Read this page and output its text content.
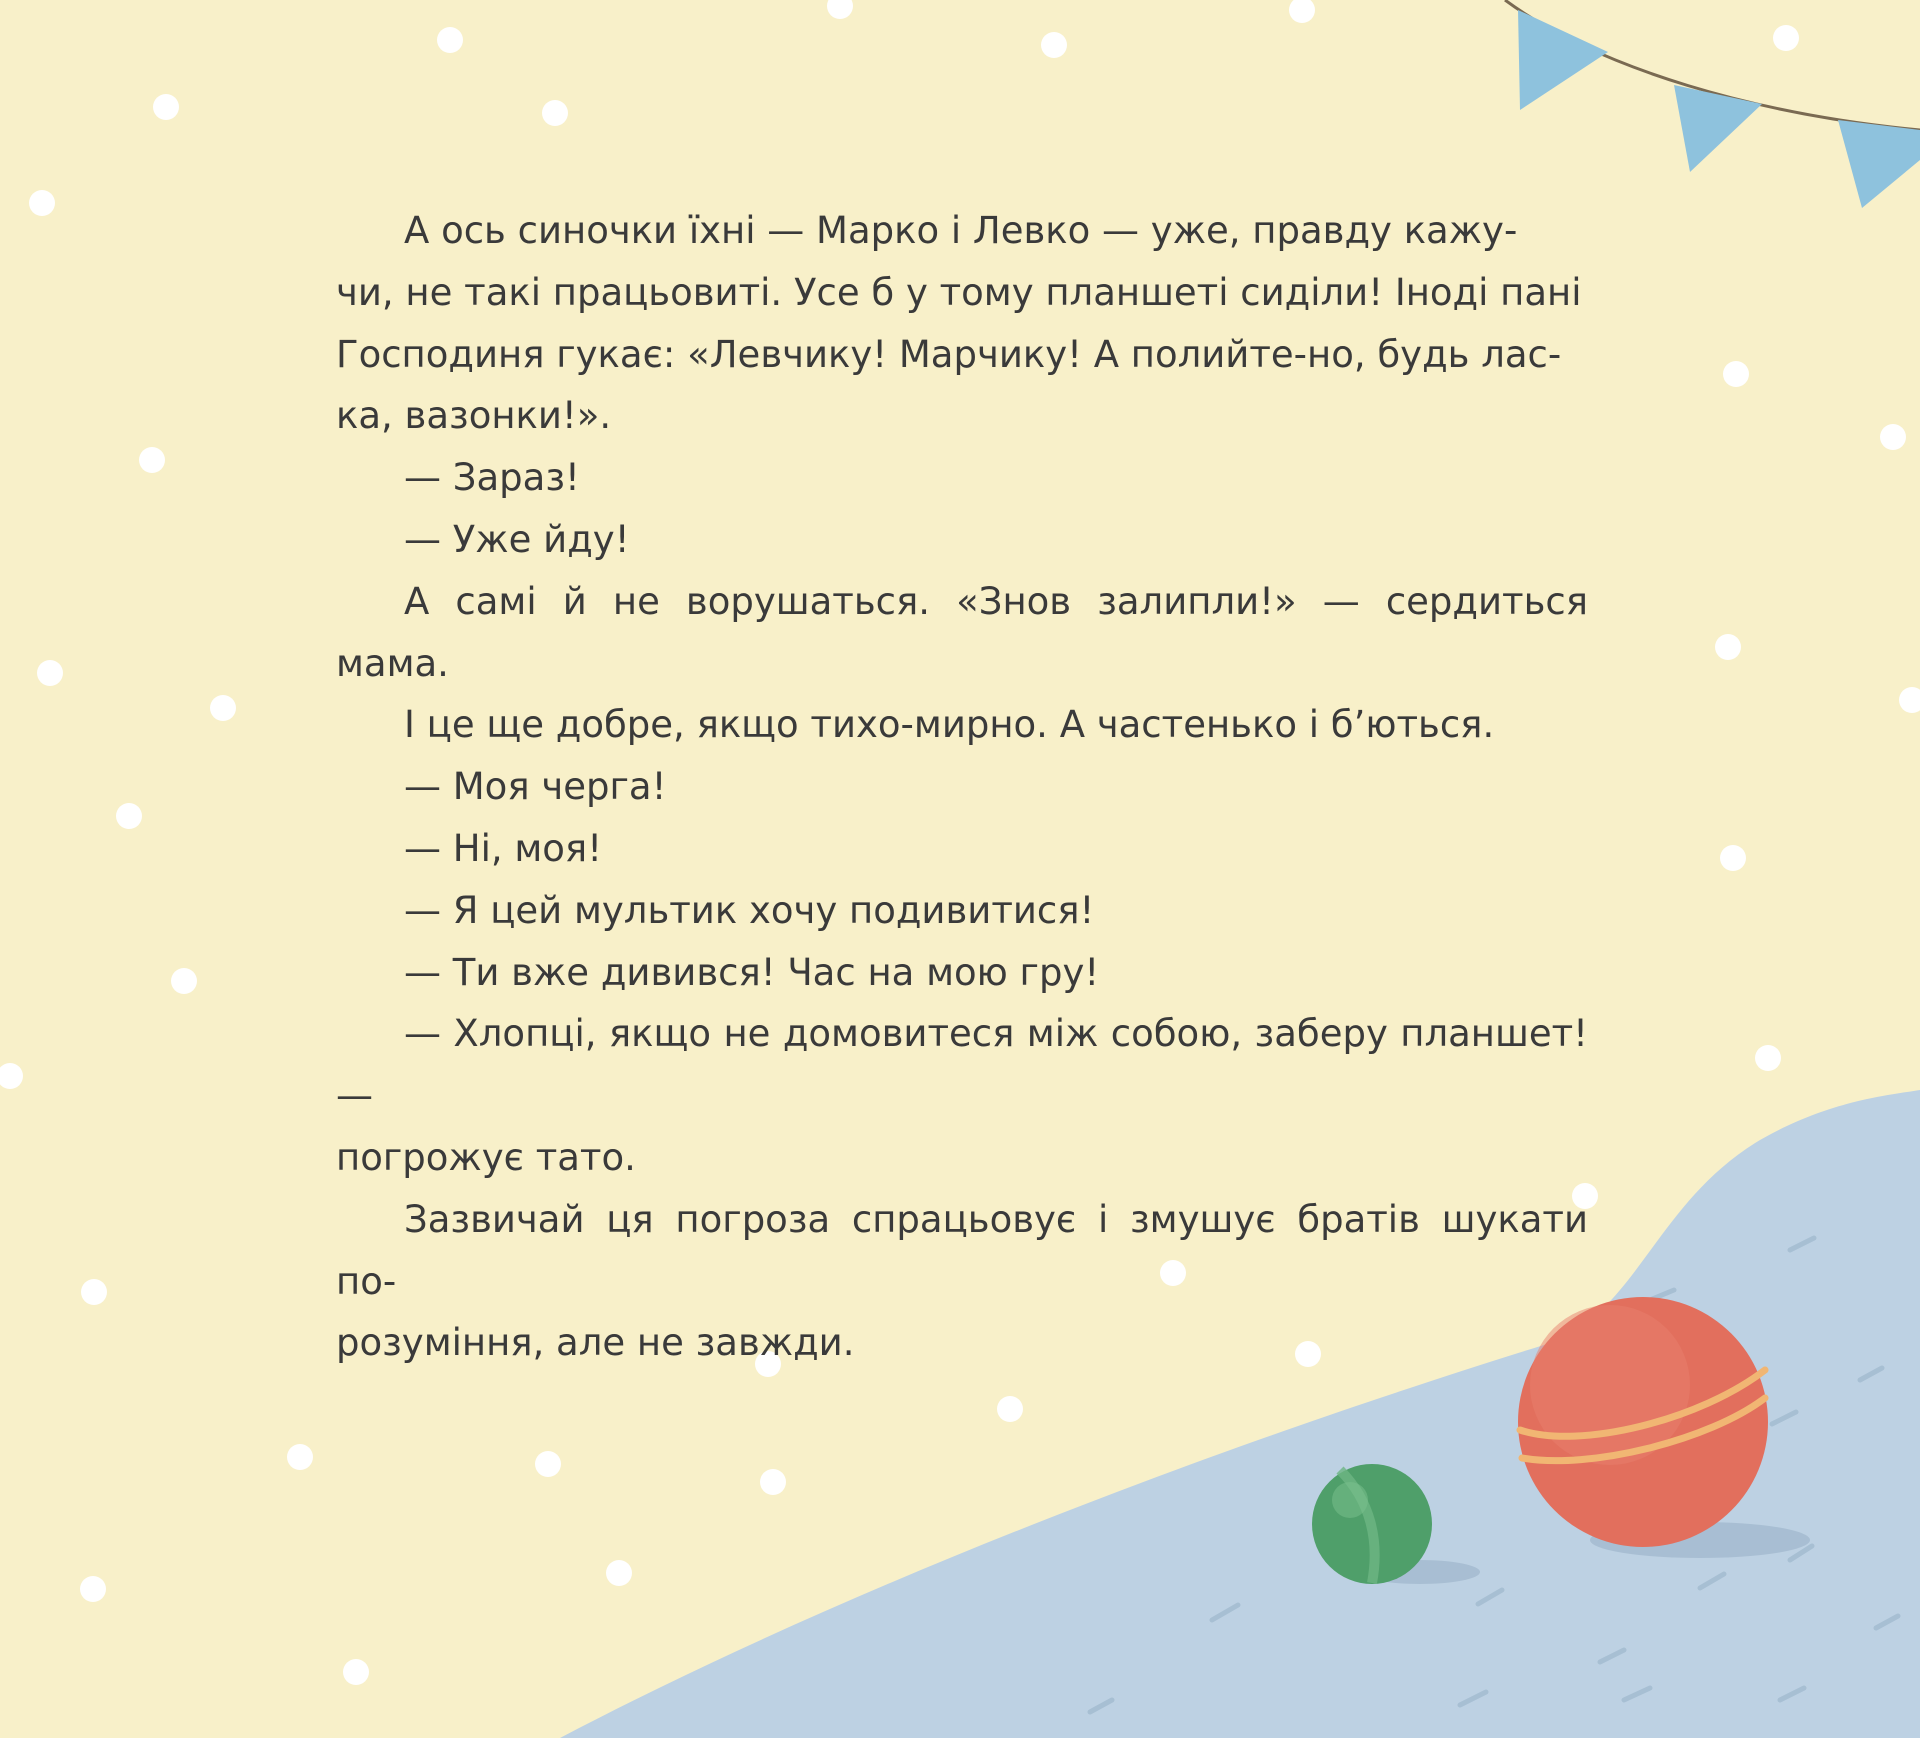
А ось синочки їхні — Марко і Левко — уже, правду кажу-
чи, не такі працьовиті. Усе б у тому планшеті сиділи! Іноді пані
Господиня гукає: «Левчику! Марчику! А полийте-но, будь лас-
ка, вазонки!».

— Зараз!

— Уже йду!

А самі й не ворушаться. «Знов залипли!» — сердиться мама.

І це ще добре, якщо тихо-мирно. А частенько і б’ються.

— Моя черга!

— Ні, моя!

— Я цей мультик хочу подивитися!

— Ти вже дивився! Час на мою гру!

— Хлопці, якщо не домовитеся між собою, заберу планшет! —
погрожує тато.

Зазвичай ця погроза спрацьовує і змушує братів шукати по-
розуміння, але не завжди.
